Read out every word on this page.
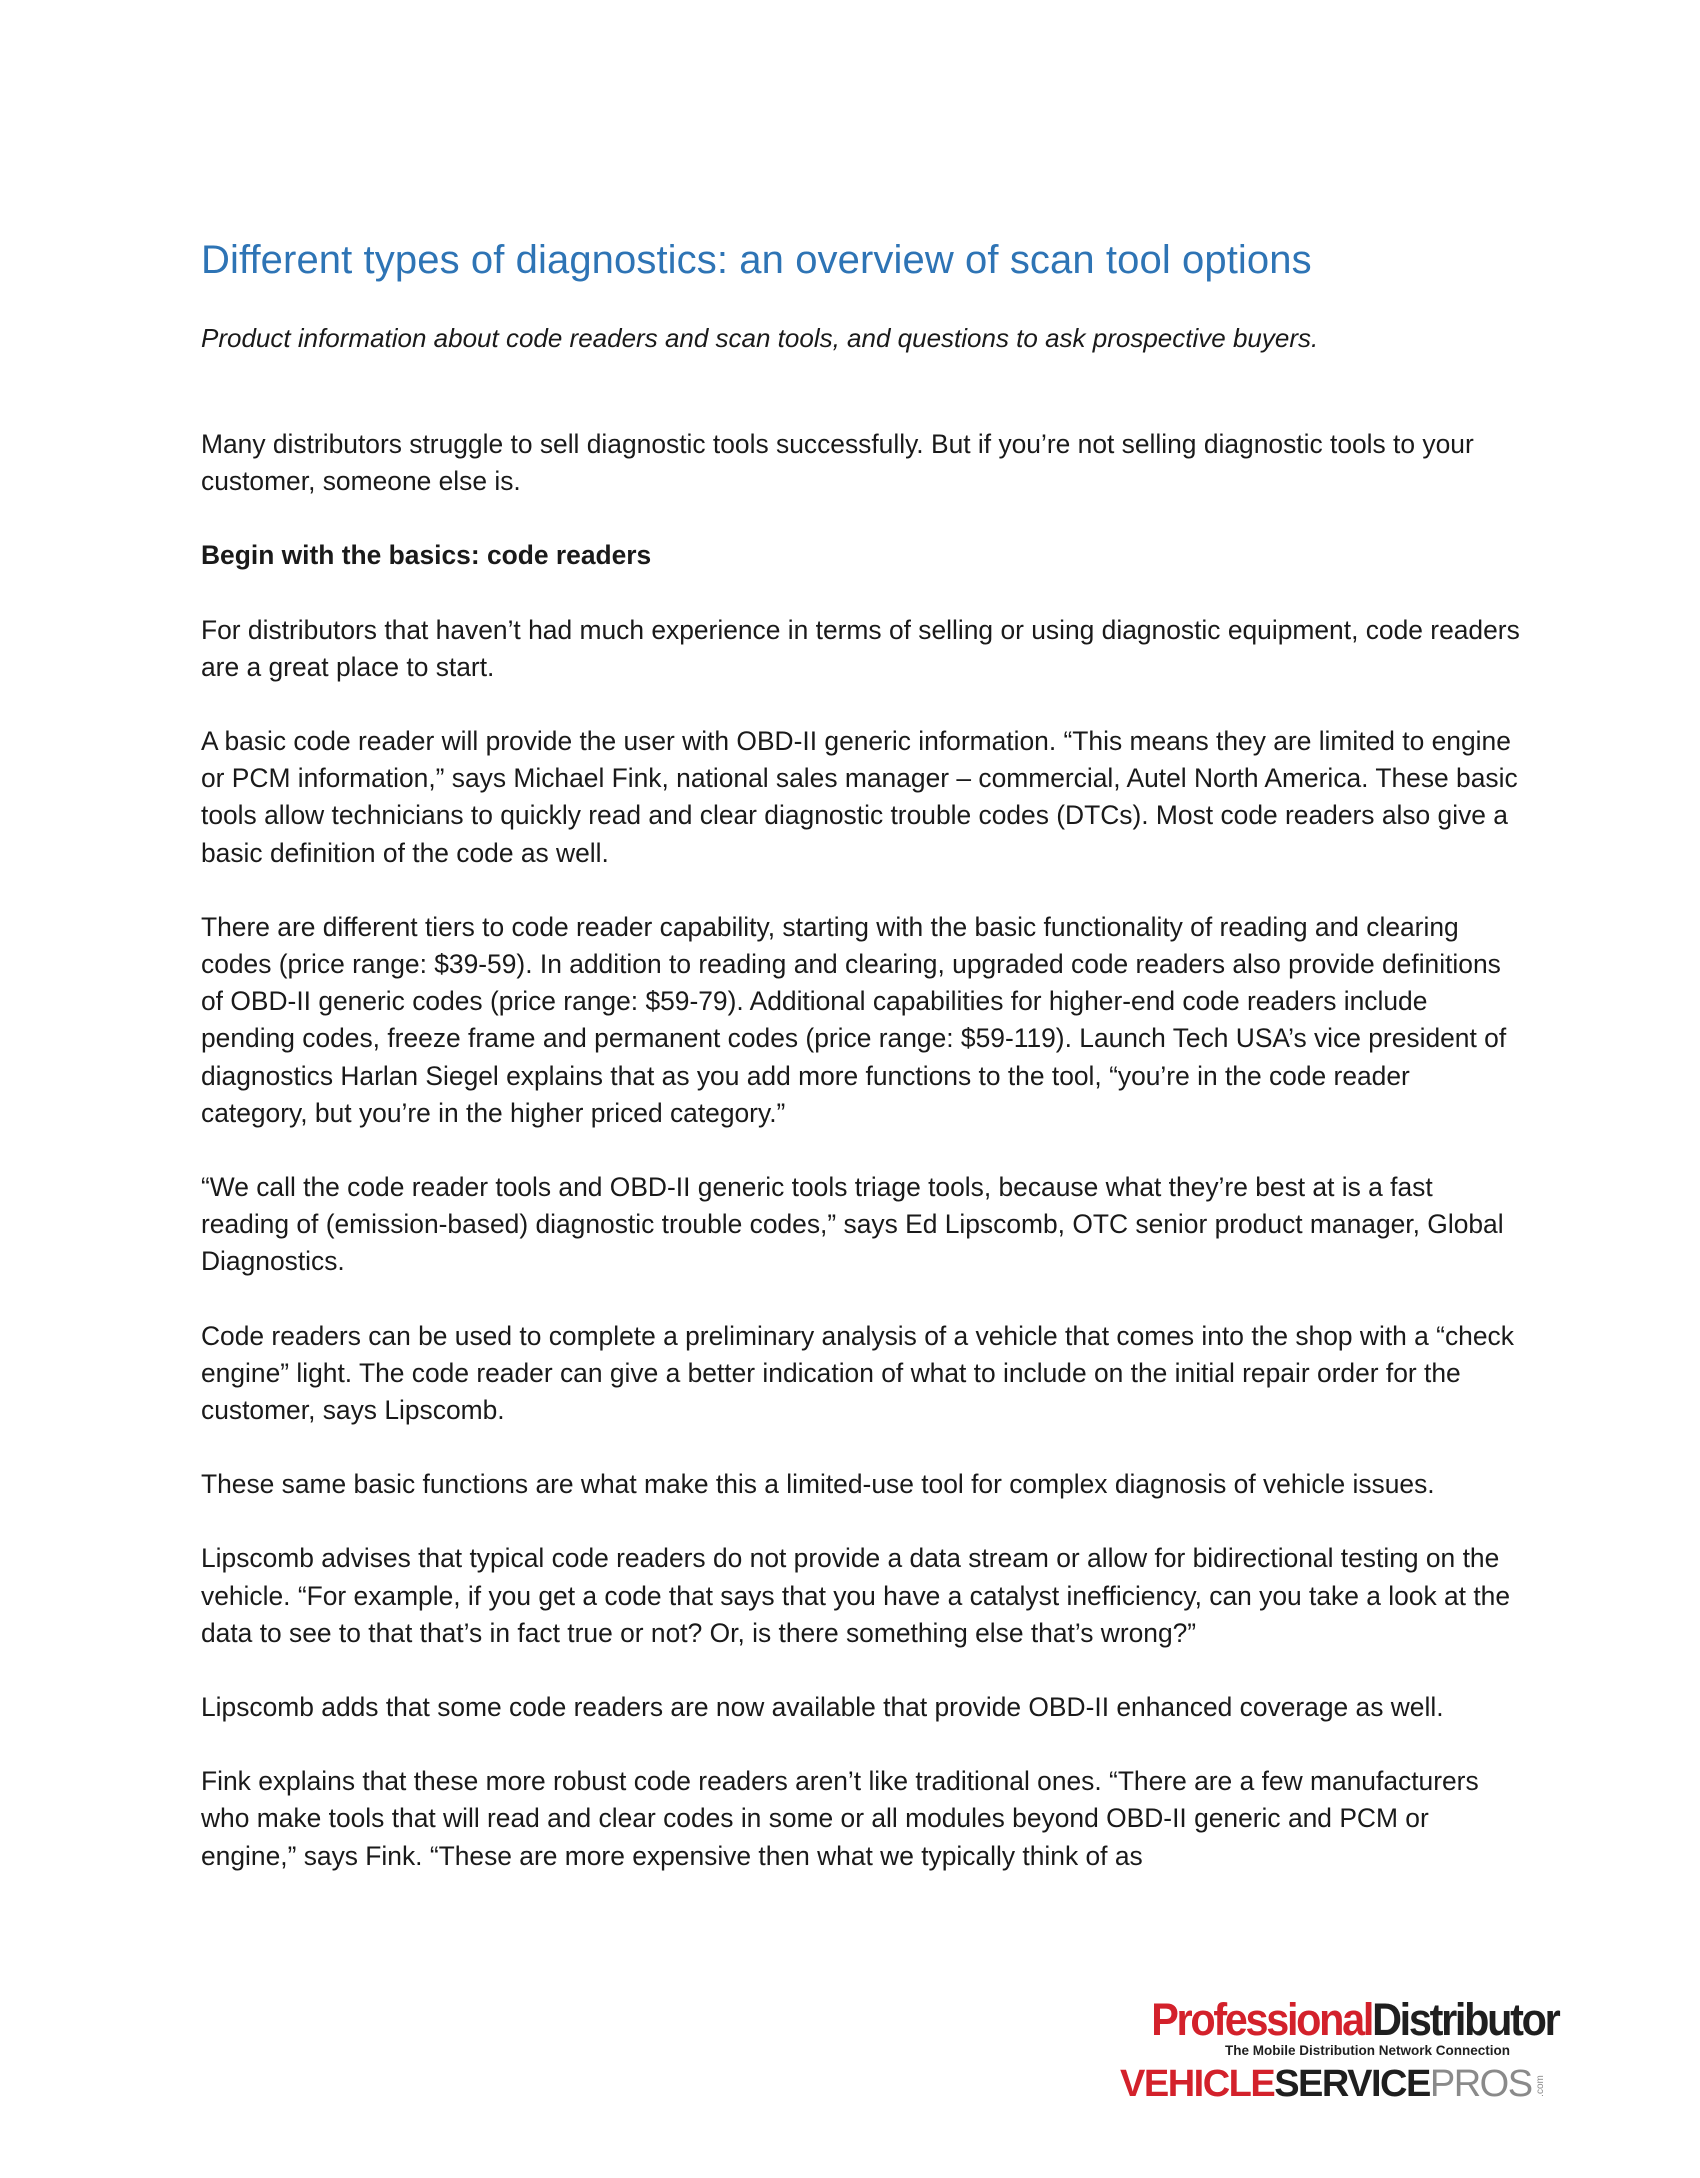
Different types of diagnostics: an overview of scan tool options

Product information about code readers and scan tools, and questions to ask prospective buyers.

Many distributors struggle to sell diagnostic tools successfully. But if you’re not selling diagnostic tools to your customer, someone else is.

Begin with the basics: code readers

For distributors that haven’t had much experience in terms of selling or using diagnostic equipment, code readers are a great place to start.

A basic code reader will provide the user with OBD-II generic information. “This means they are limited to engine or PCM information,” says Michael Fink, national sales manager – commercial, Autel North America. These basic tools allow technicians to quickly read and clear diagnostic trouble codes (DTCs). Most code readers also give a basic definition of the code as well.

There are different tiers to code reader capability, starting with the basic functionality of reading and clearing codes (price range: $39-59). In addition to reading and clearing, upgraded code readers also provide definitions of OBD-II generic codes (price range: $59-79). Additional capabilities for higher-end code readers include pending codes, freeze frame and permanent codes (price range: $59-119). Launch Tech USA’s vice president of diagnostics Harlan Siegel explains that as you add more functions to the tool, “you’re in the code reader category, but you’re in the higher priced category.”

“We call the code reader tools and OBD-II generic tools triage tools, because what they’re best at is a fast reading of (emission-based) diagnostic trouble codes,” says Ed Lipscomb, OTC senior product manager, Global Diagnostics.

Code readers can be used to complete a preliminary analysis of a vehicle that comes into the shop with a “check engine” light. The code reader can give a better indication of what to include on the initial repair order for the customer, says Lipscomb.

These same basic functions are what make this a limited-use tool for complex diagnosis of vehicle issues.

Lipscomb advises that typical code readers do not provide a data stream or allow for bidirectional testing on the vehicle. “For example, if you get a code that says that you have a catalyst inefficiency, can you take a look at the data to see to that that’s in fact true or not? Or, is there something else that’s wrong?”

Lipscomb adds that some code readers are now available that provide OBD-II enhanced coverage as well.

Fink explains that these more robust code readers aren’t like traditional ones. “There are a few manufacturers who make tools that will read and clear codes in some or all modules beyond OBD-II generic and PCM or engine,” says Fink. “These are more expensive then what we typically think of as

ProfessionalDistributor
The Mobile Distribution Network Connection
VEHICLESERVICEPROS .com
